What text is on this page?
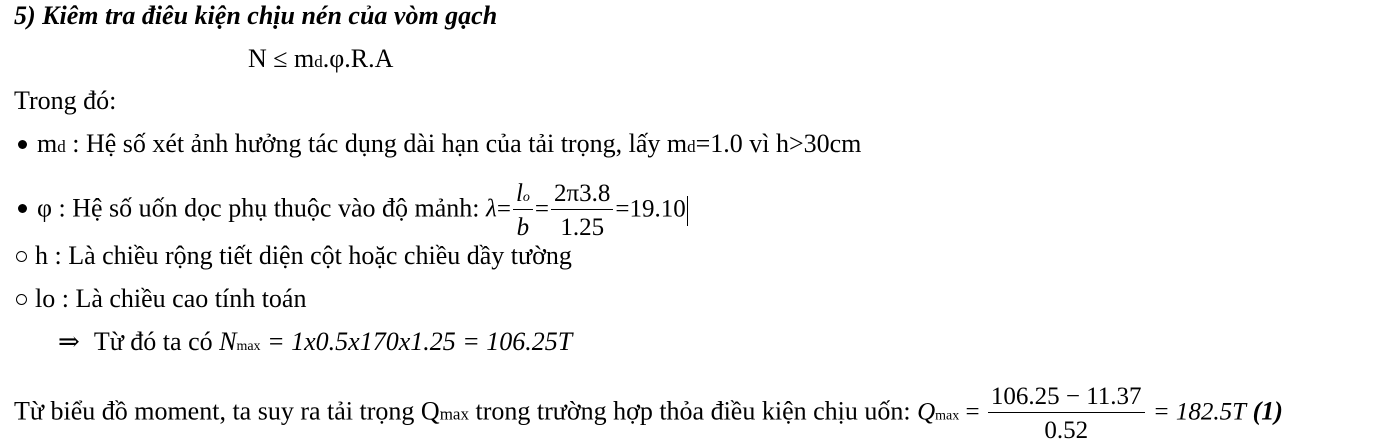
5) Kiêm tra điêu kiện chịu nén của vòm gạch
N ≤ md.φ.R.A
Trong đó:
md : Hệ số xét ảnh hưởng tác dụng dài hạn của tải trọng, lấy md=1.0 vì h>30cm
φ : Hệ số uốn dọc phụ thuộc vào độ mảnh: $\lambda= \frac{lo}{b} = \frac{2\pi 3.8}{1.25} =19.10$
h : Là chiều rộng tiết diện cột hoặc chiều dầy tường
lo : Là chiều cao tính toán
⇒ Từ đó ta có Nmax = 1x0.5x170x1.25 = 106.25T
Từ biểu đồ moment, ta suy ra tải trọng Qmax trong trường hợp thỏa điều kiện chịu uốn: $Qmax = \frac{106.25 - 11.37}{0.52} = 182.5T$ (1)
